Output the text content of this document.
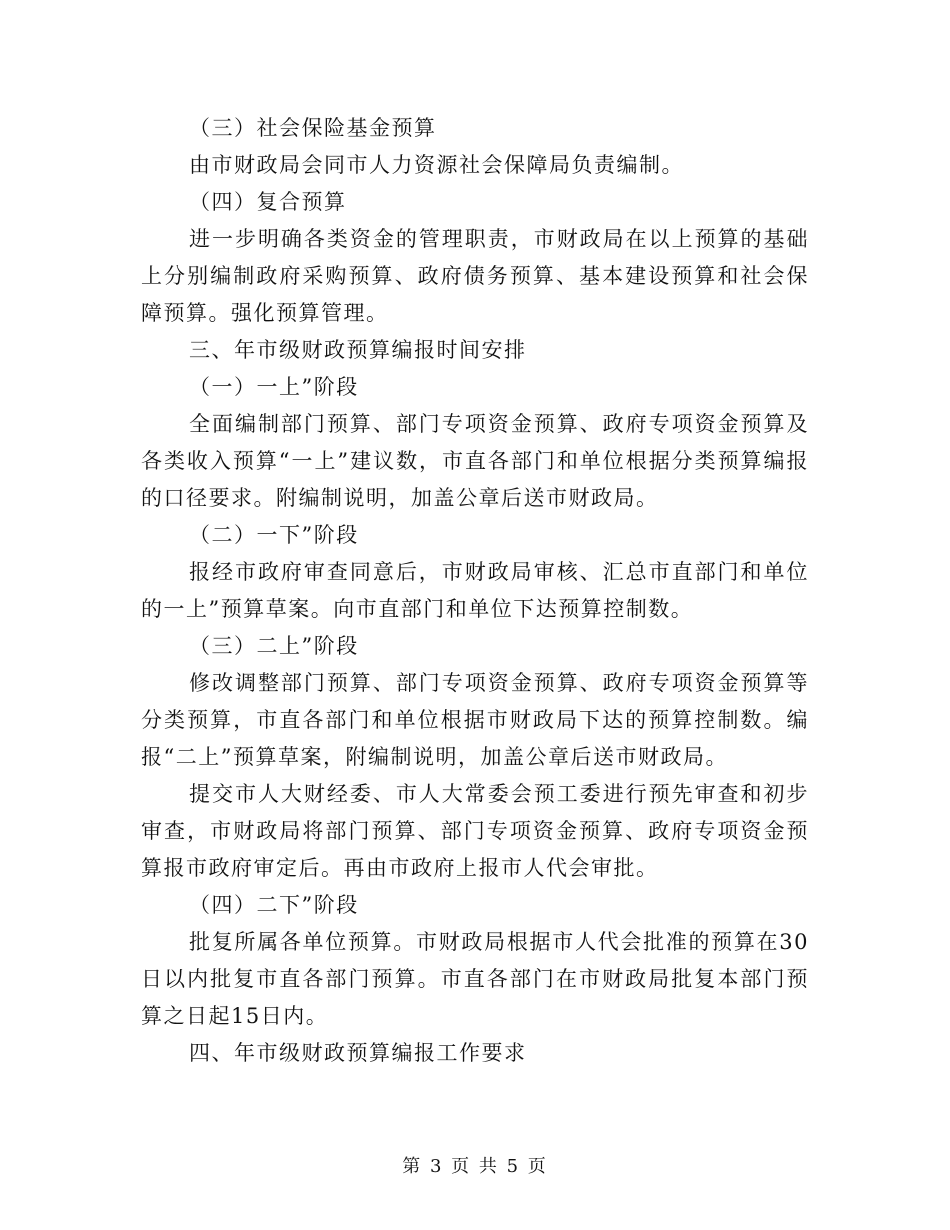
（三）社会保险基金预算

由市财政局会同市人力资源社会保障局负责编制。

（四）复合预算

进一步明确各类资金的管理职责，市财政局在以上预算的基础上分别编制政府采购预算、政府债务预算、基本建设预算和社会保障预算。强化预算管理。

三、年市级财政预算编报时间安排

（一）一上”阶段

全面编制部门预算、部门专项资金预算、政府专项资金预算及各类收入预算“一上”建议数，市直各部门和单位根据分类预算编报的口径要求。附编制说明，加盖公章后送市财政局。

（二）一下”阶段

报经市政府审查同意后，市财政局审核、汇总市直部门和单位的一上”预算草案。向市直部门和单位下达预算控制数。

（三）二上”阶段

修改调整部门预算、部门专项资金预算、政府专项资金预算等分类预算，市直各部门和单位根据市财政局下达的预算控制数。编报“二上”预算草案，附编制说明，加盖公章后送市财政局。

提交市人大财经委、市人大常委会预工委进行预先审查和初步审查，市财政局将部门预算、部门专项资金预算、政府专项资金预算报市政府审定后。再由市政府上报市人代会审批。

（四）二下”阶段

批复所属各单位预算。市财政局根据市人代会批准的预算在30日以内批复市直各部门预算。市直各部门在市财政局批复本部门预算之日起15日内。

四、年市级财政预算编报工作要求

第 3 页 共 5 页
